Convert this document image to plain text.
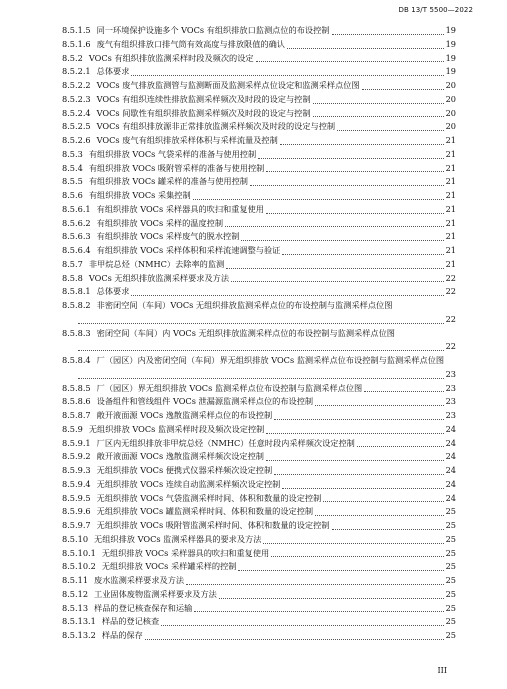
DB 13/T 5500—2022
8.5.1.5 同一环境保护设施多个 VOCs 有组织排放口监测点位的布设控制	19
8.5.1.6 废气有组织排放口排气筒有效高度与排放限值的确认	19
8.5.2 VOCs 有组织排放监测采样时段及频次的设定	19
8.5.2.1 总体要求	19
8.5.2.2 VOCs 废气排放监测管与监测断面及监测采样点位设定和监测采样点位图	20
8.5.2.3 VOCs 有组织连续性排放监测采样频次及时段的设定与控制	20
8.5.2.4 VOCs 间歇性有组织排放监测采样频次及时段的设定与控制	20
8.5.2.5 VOCs 有组织排放源非正常排放监测采样频次及时段的设定与控制	20
8.5.2.6 VOCs 废气有组织排放采样体积与采样流量及控制	21
8.5.3 有组织排放 VOCs 气袋采样的准备与使用控制	21
8.5.4 有组织排放 VOCs 吸附管采样的准备与使用控制	21
8.5.5 有组织排放 VOCs 罐采样的准备与使用控制	21
8.5.6 有组织排放 VOCs 采集控制	21
8.5.6.1 有组织排放 VOCs 采样器具的吹扫和重复使用	21
8.5.6.2 有组织排放 VOCs 采样的温度控制	21
8.5.6.3 有组织排放 VOCs 采样废气的脱水控制	21
8.5.6.4 有组织排放 VOCs 采样体积和采样流速调整与验证	21
8.5.7 非甲烷总烃（NMHC）去除率的监测	21
8.5.8 VOCs 无组织排放监测采样要求及方法	22
8.5.8.1 总体要求	22
8.5.8.2 非密闭空间（车间）VOCs 无组织排放监测采样点位的布设控制与监测采样点位图
22
8.5.8.3 密闭空间（车间）内 VOCs 无组织排放监测采样点位的布设控制与监测采样点位图
22
8.5.8.4 厂（园区）内及密闭空间（车间）界无组织排放 VOCs 监测采样点位布设控制与监测采样点位图
23
8.5.8.5 厂（园区）界无组织排放 VOCs 监测采样点位布设控制与监测采样点位图	23
8.5.8.6 设备组件和管线组件 VOCs 泄漏源监测采样点位的布设控制	23
8.5.8.7 敞开液面源 VOCs 逸散监测采样点位的布设控制	23
8.5.9 无组织排放 VOCs 监测采样时段及频次设定控制	24
8.5.9.1 厂区内无组织排放非甲烷总烃（NMHC）任意时段内采样频次设定控制	24
8.5.9.2 敞开液面源 VOCs 逸散监测采样频次设定控制	24
8.5.9.3 无组织排放 VOCs 便携式仪器采样频次设定控制	24
8.5.9.4 无组织排放 VOCs 连续自动监测采样频次设定控制	24
8.5.9.5 无组织排放 VOCs 气袋监测采样时间、体积和数量的设定控制	24
8.5.9.6 无组织排放 VOCs 罐监测采样时间、体积和数量的设定控制	25
8.5.9.7 无组织排放 VOCs 吸附管监测采样时间、体积和数量的设定控制	25
8.5.10 无组织排放 VOCs 监测采样器具的要求及方法	25
8.5.10.1 无组织排放 VOCs 采样器具的吹扫和重复使用	25
8.5.10.2 无组织排放 VOCs 采样罐采样的控制	25
8.5.11 废水监测采样要求及方法	25
8.5.12 工业固体废物监测采样要求及方法	25
8.5.13 样品的登记核查保存和运输	25
8.5.13.1 样品的登记核查	25
8.5.13.2 样品的保存	25
III
